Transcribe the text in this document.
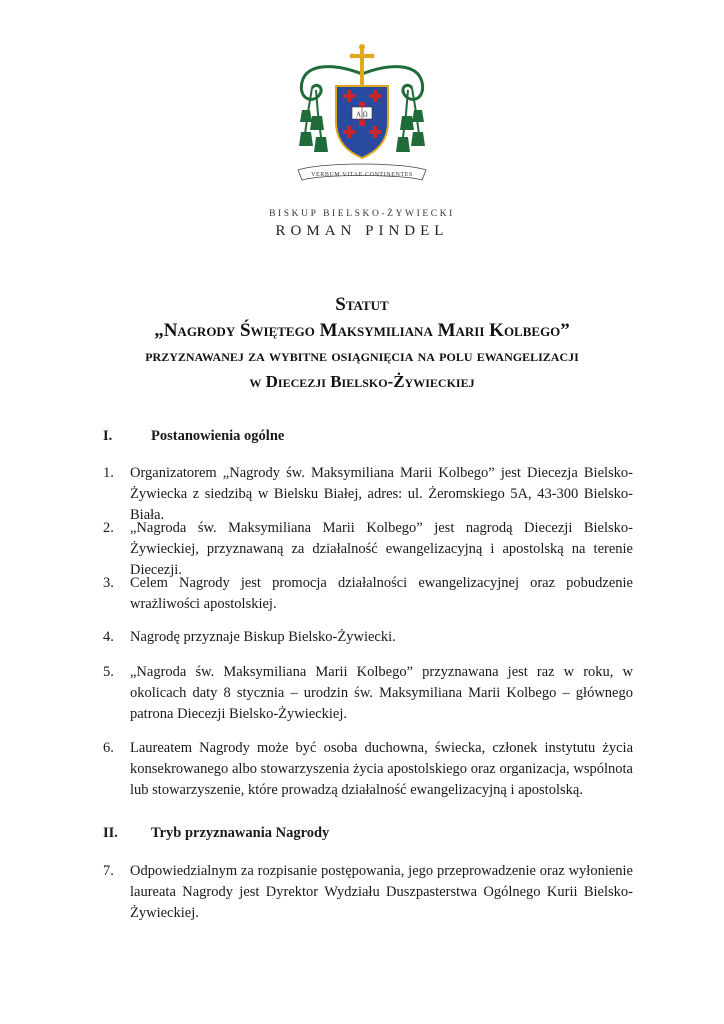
A Ω
VERBUM VITAE CONTINENTES
BISKUP BIELSKO-ŻYWIECKI
ROMAN PINDEL
Statut
„Nagrody Świętego Maksymiliana Marii Kolbego”
przyznawanej za wybitne osiągnięcia na polu ewangelizacji
w Diecezji Bielsko-Żywieckiej

I.	Postanowienia ogólne

1. Organizatorem „Nagrody św. Maksymiliana Marii Kolbego” jest Diecezja Bielsko-Żywiecka z siedzibą w Bielsku Białej, adres: ul. Żeromskiego 5A, 43-300 Bielsko-Biała.

2. „Nagroda św. Maksymiliana Marii Kolbego” jest nagrodą Diecezji Bielsko-Żywieckiej, przyznawaną za działalność ewangelizacyjną i apostolską na terenie Diecezji.

3. Celem Nagrody jest promocja działalności ewangelizacyjnej oraz pobudzenie wrażliwości apostolskiej.

4. Nagrodę przyznaje Biskup Bielsko-Żywiecki.

5. „Nagroda św. Maksymiliana Marii Kolbego” przyznawana jest raz w roku, w okolicach daty 8 stycznia – urodzin św. Maksymiliana Marii Kolbego – głównego patrona Diecezji Bielsko-Żywieckiej.

6. Laureatem Nagrody może być osoba duchowna, świecka, członek instytutu życia konsekrowanego albo stowarzyszenia życia apostolskiego oraz organizacja, wspólnota lub stowarzyszenie, które prowadzą działalność ewangelizacyjną i apostolską.

II. Tryb przyznawania Nagrody

7. Odpowiedzialnym za rozpisanie postępowania, jego przeprowadzenie oraz wyłonienie laureata Nagrody jest Dyrektor Wydziału Duszpasterstwa Ogólnego Kurii Bielsko-Żywieckiej.
